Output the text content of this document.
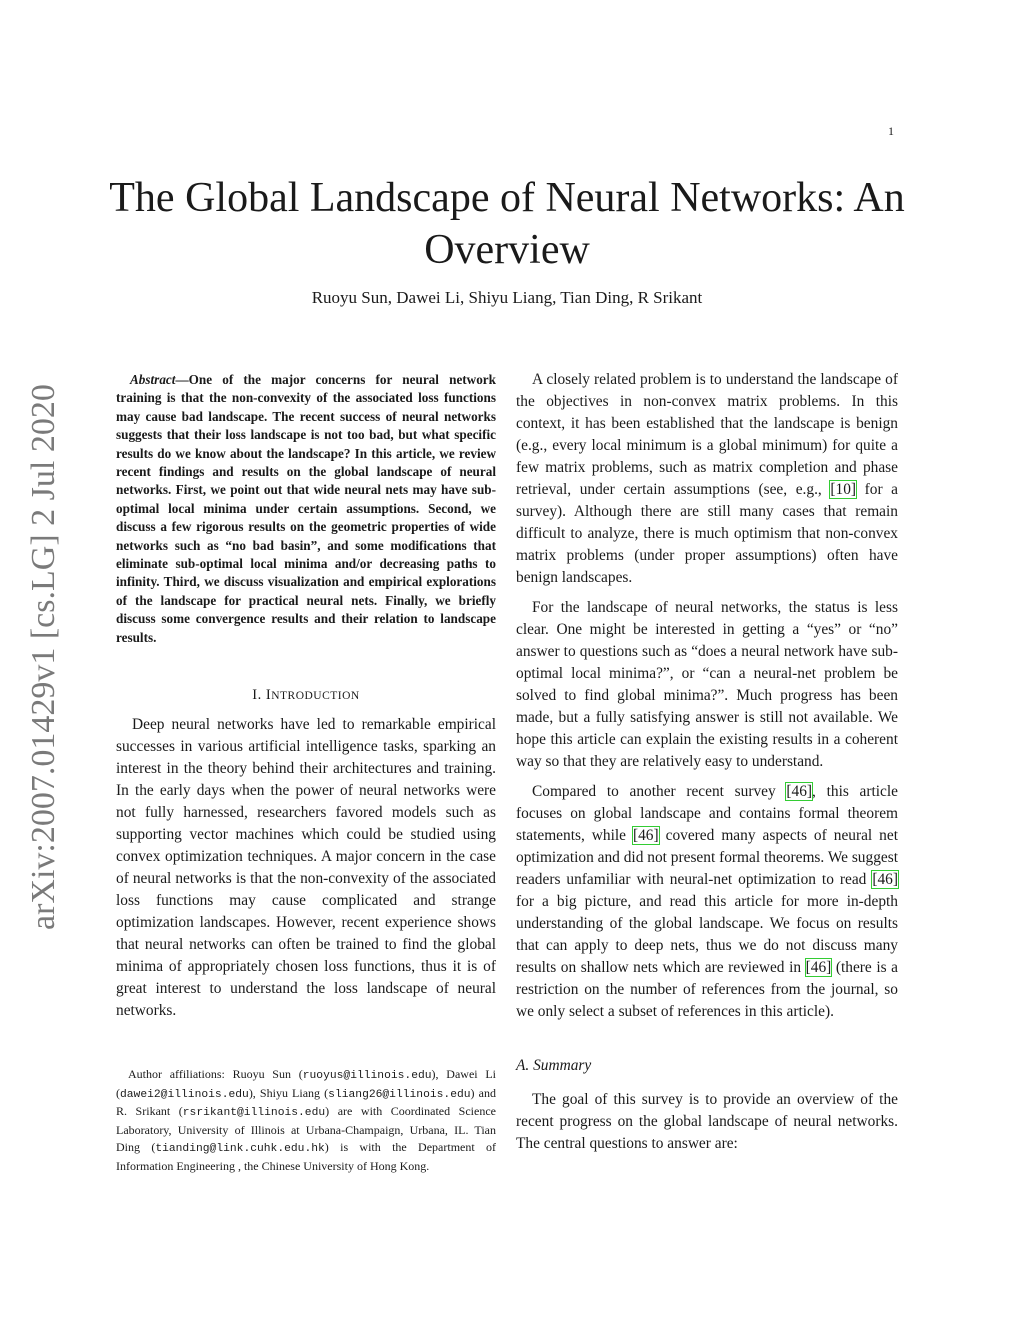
1
arXiv:2007.01429v1 [cs.LG] 2 Jul 2020
The Global Landscape of Neural Networks: An Overview
Ruoyu Sun, Dawei Li, Shiyu Liang, Tian Ding, R Srikant

Abstract—One of the major concerns for neural network training is that the non-convexity of the associated loss functions may cause bad landscape. The recent success of neural networks suggests that their loss landscape is not too bad, but what specific results do we know about the landscape? In this article, we review recent findings and results on the global landscape of neural networks. First, we point out that wide neural nets may have sub-optimal local minima under certain assumptions. Second, we discuss a few rigorous results on the geometric properties of wide networks such as “no bad basin”, and some modifications that eliminate sub-optimal local minima and/or decreasing paths to infinity. Third, we discuss visualization and empirical explorations of the landscape for practical neural nets. Finally, we briefly discuss some convergence results and their relation to landscape results.

I. INTRODUCTION

Deep neural networks have led to remarkable empirical successes in various artificial intelligence tasks, sparking an interest in the theory behind their architectures and training. In the early days when the power of neural networks were not fully harnessed, researchers favored models such as supporting vector machines which could be studied using convex optimization techniques. A major concern in the case of neural networks is that the non-convexity of the associated loss functions may cause complicated and strange optimization landscapes. However, recent experience shows that neural networks can often be trained to find the global minima of appropriately chosen loss functions, thus it is of great interest to understand the loss landscape of neural networks.

Author affiliations: Ruoyu Sun (ruoyus@illinois.edu), Dawei Li (dawei2@illinois.edu), Shiyu Liang (sliang26@illinois.edu) and R. Srikant (rsrikant@illinois.edu) are with Coordinated Science Laboratory, University of Illinois at Urbana-Champaign, Urbana, IL. Tian Ding (tianding@link.cuhk.edu.hk) is with the Department of Information Engineering , the Chinese University of Hong Kong.

A closely related problem is to understand the landscape of the objectives in non-convex matrix problems. In this context, it has been established that the landscape is benign (e.g., every local minimum is a global minimum) for quite a few matrix problems, such as matrix completion and phase retrieval, under certain assumptions (see, e.g., [10] for a survey). Although there are still many cases that remain difficult to analyze, there is much optimism that non-convex matrix problems (under proper assumptions) often have benign landscapes.

For the landscape of neural networks, the status is less clear. One might be interested in getting a “yes” or “no” answer to questions such as “does a neural network have sub-optimal local minima?”, or “can a neural-net problem be solved to find global minima?”. Much progress has been made, but a fully satisfying answer is still not available. We hope this article can explain the existing results in a coherent way so that they are relatively easy to understand.

Compared to another recent survey [46], this article focuses on global landscape and contains formal theorem statements, while [46] covered many aspects of neural net optimization and did not present formal theorems. We suggest readers unfamiliar with neural-net optimization to read [46] for a big picture, and read this article for more in-depth understanding of the global landscape. We focus on results that can apply to deep nets, thus we do not discuss many results on shallow nets which are reviewed in [46] (there is a restriction on the number of references from the journal, so we only select a subset of references in this article).

A. Summary

The goal of this survey is to provide an overview of the recent progress on the global landscape of neural networks. The central questions to answer are:
